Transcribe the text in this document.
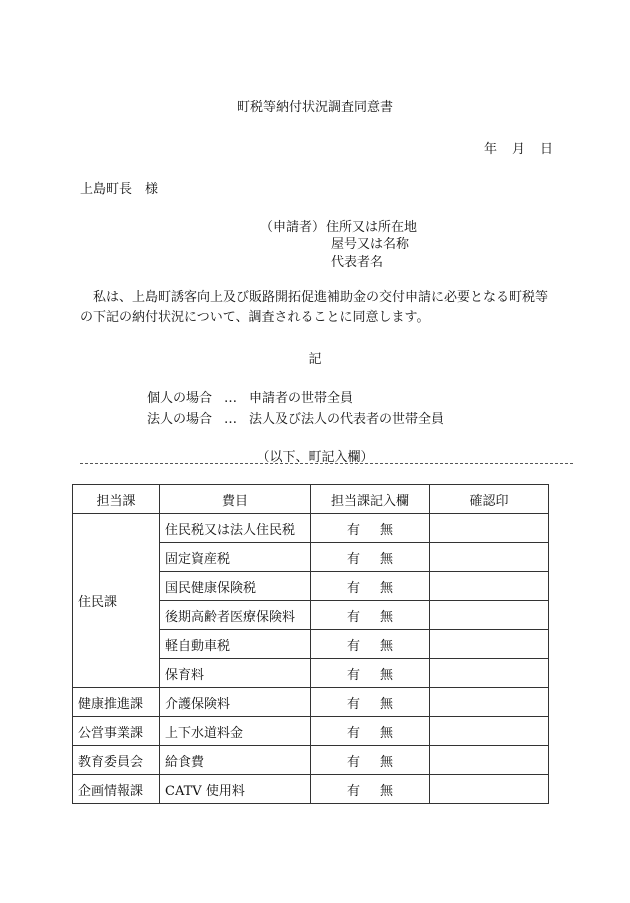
町税等納付状況調査同意書
年 月 日
上島町長　様
（申請者） 住所又は所在地
屋号又は名称
代表者名
私は、上島町誘客向上及び販路開拓促進補助金の交付申請に必要となる町税等の下記の納付状況について、調査されることに同意します。
記
個人の場合 … 申請者の世帯全員
法人の場合 … 法人及び法人の代表者の世帯全員
（以下、町記入欄）
担当課	費目	担当課記入欄	確認印
住民課	住民税又は法人住民税	有 無	
	固定資産税	有 無	
	国民健康保険税	有 無	
	後期高齢者医療保険料	有 無	
	軽自動車税	有 無	
	保育料	有 無	
健康推進課	介護保険料	有 無	
公営事業課	上下水道料金	有 無	
教育委員会	給食費	有 無	
企画情報課	CATV 使用料	有 無	
